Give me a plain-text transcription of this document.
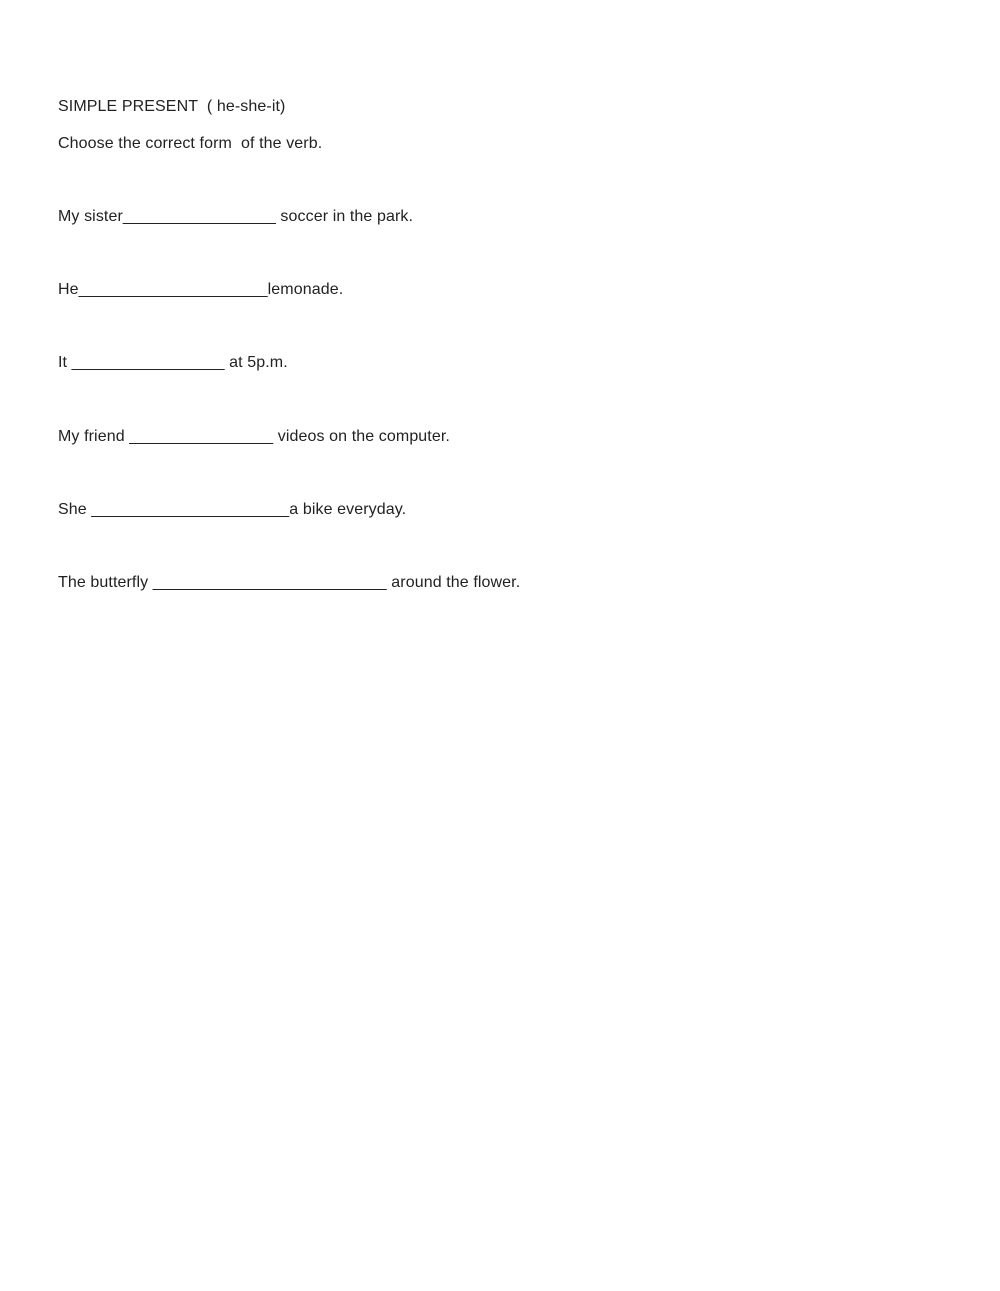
SIMPLE PRESENT  ( he-she-it)
Choose the correct form  of the verb.
My sister_________________ soccer in the park.
He_____________________lemonade.
It _________________ at 5p.m.
My friend ________________ videos on the computer.
She ______________________a bike everyday.
The butterfly __________________________ around the flower.
